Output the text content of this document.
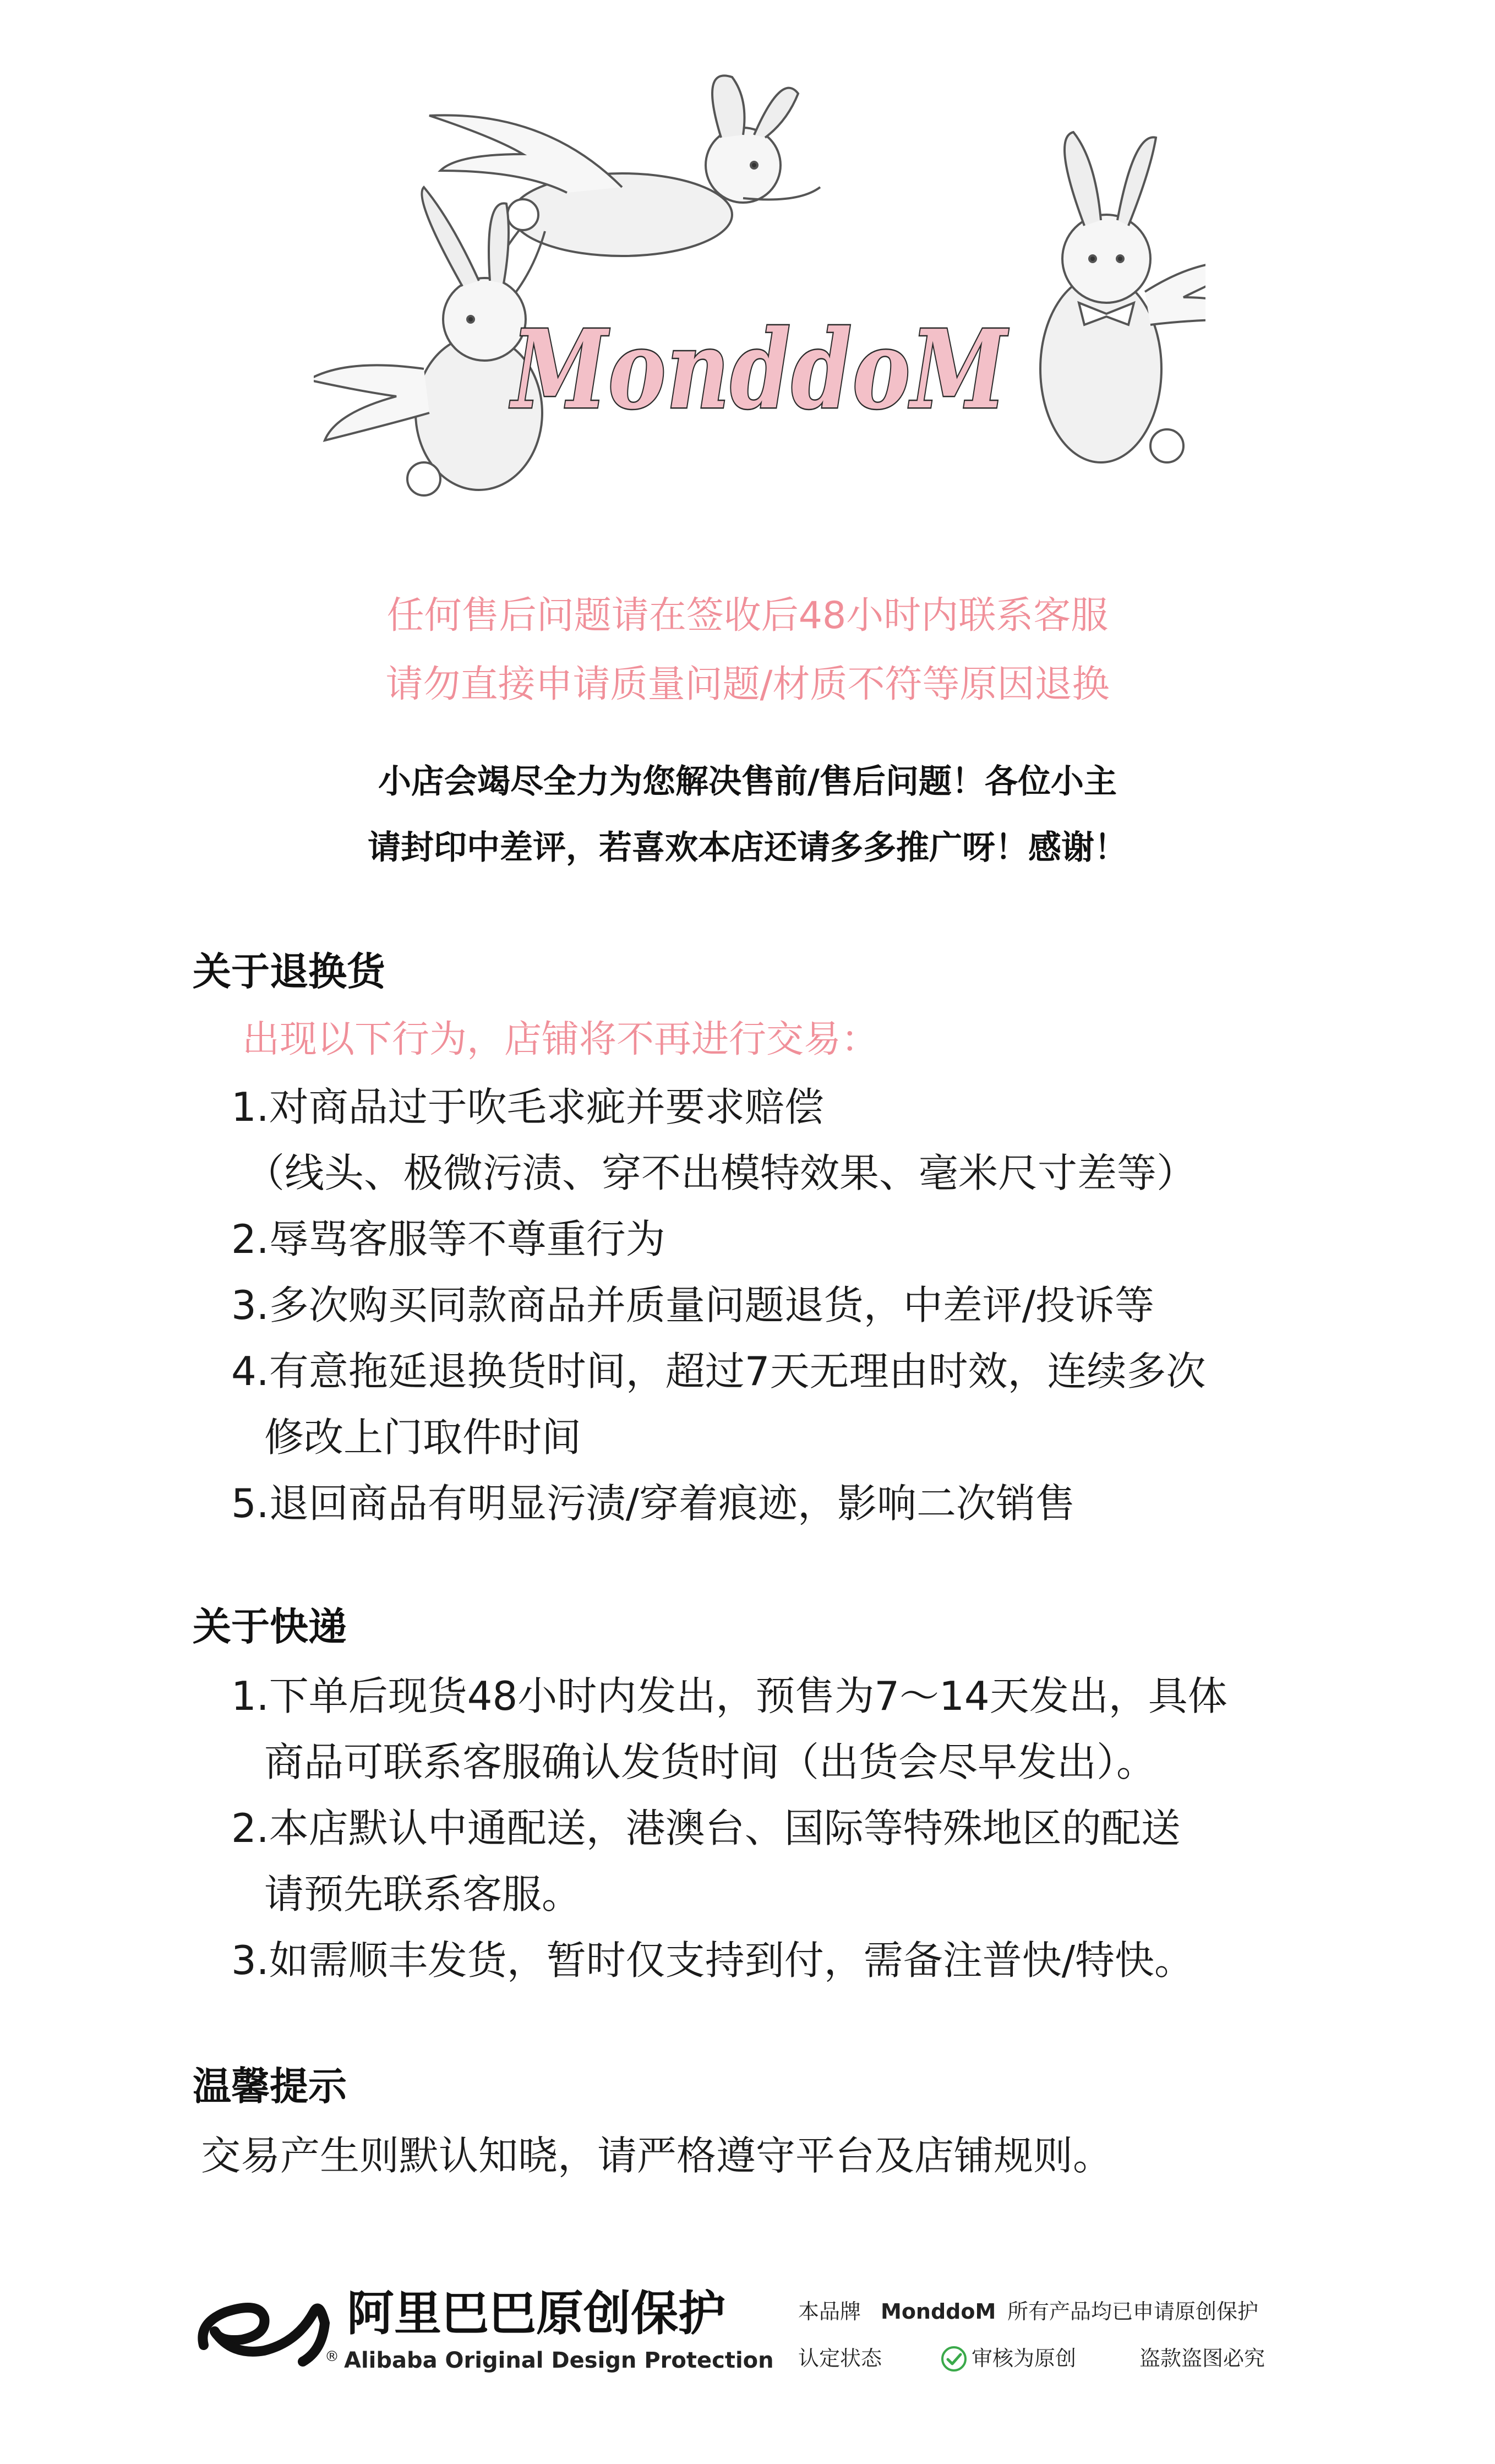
MonddoM
任何售后问题请在签收后48小时内联系客服
请勿直接申请质量问题/材质不符等原因退换
小店会竭尽全力为您解决售前/售后问题！各位小主
请封印中差评，若喜欢本店还请多多推广呀！感谢！
关于退换货
出现以下行为，店铺将不再进行交易：
1.对商品过于吹毛求疵并要求赔偿
（线头、极微污渍、穿不出模特效果、毫米尺寸差等）
2.辱骂客服等不尊重行为
3.多次购买同款商品并质量问题退货，中差评/投诉等
4.有意拖延退换货时间，超过7天无理由时效，连续多次
修改上门取件时间
5.退回商品有明显污渍/穿着痕迹，影响二次销售
关于快递
1.下单后现货48小时内发出，预售为7～14天发出，具体
商品可联系客服确认发货时间（出货会尽早发出）。
2.本店默认中通配送，港澳台、国际等特殊地区的配送
请预先联系客服。
3.如需顺丰发货，暂时仅支持到付，需备注普快/特快。
温馨提示
交易产生则默认知晓，请严格遵守平台及店铺规则。
阿里巴巴原创保护
® Alibaba Original Design Protection
本品牌 MonddoM 所有产品均已申请原创保护
认定状态	审核为原创	盗款盗图必究
